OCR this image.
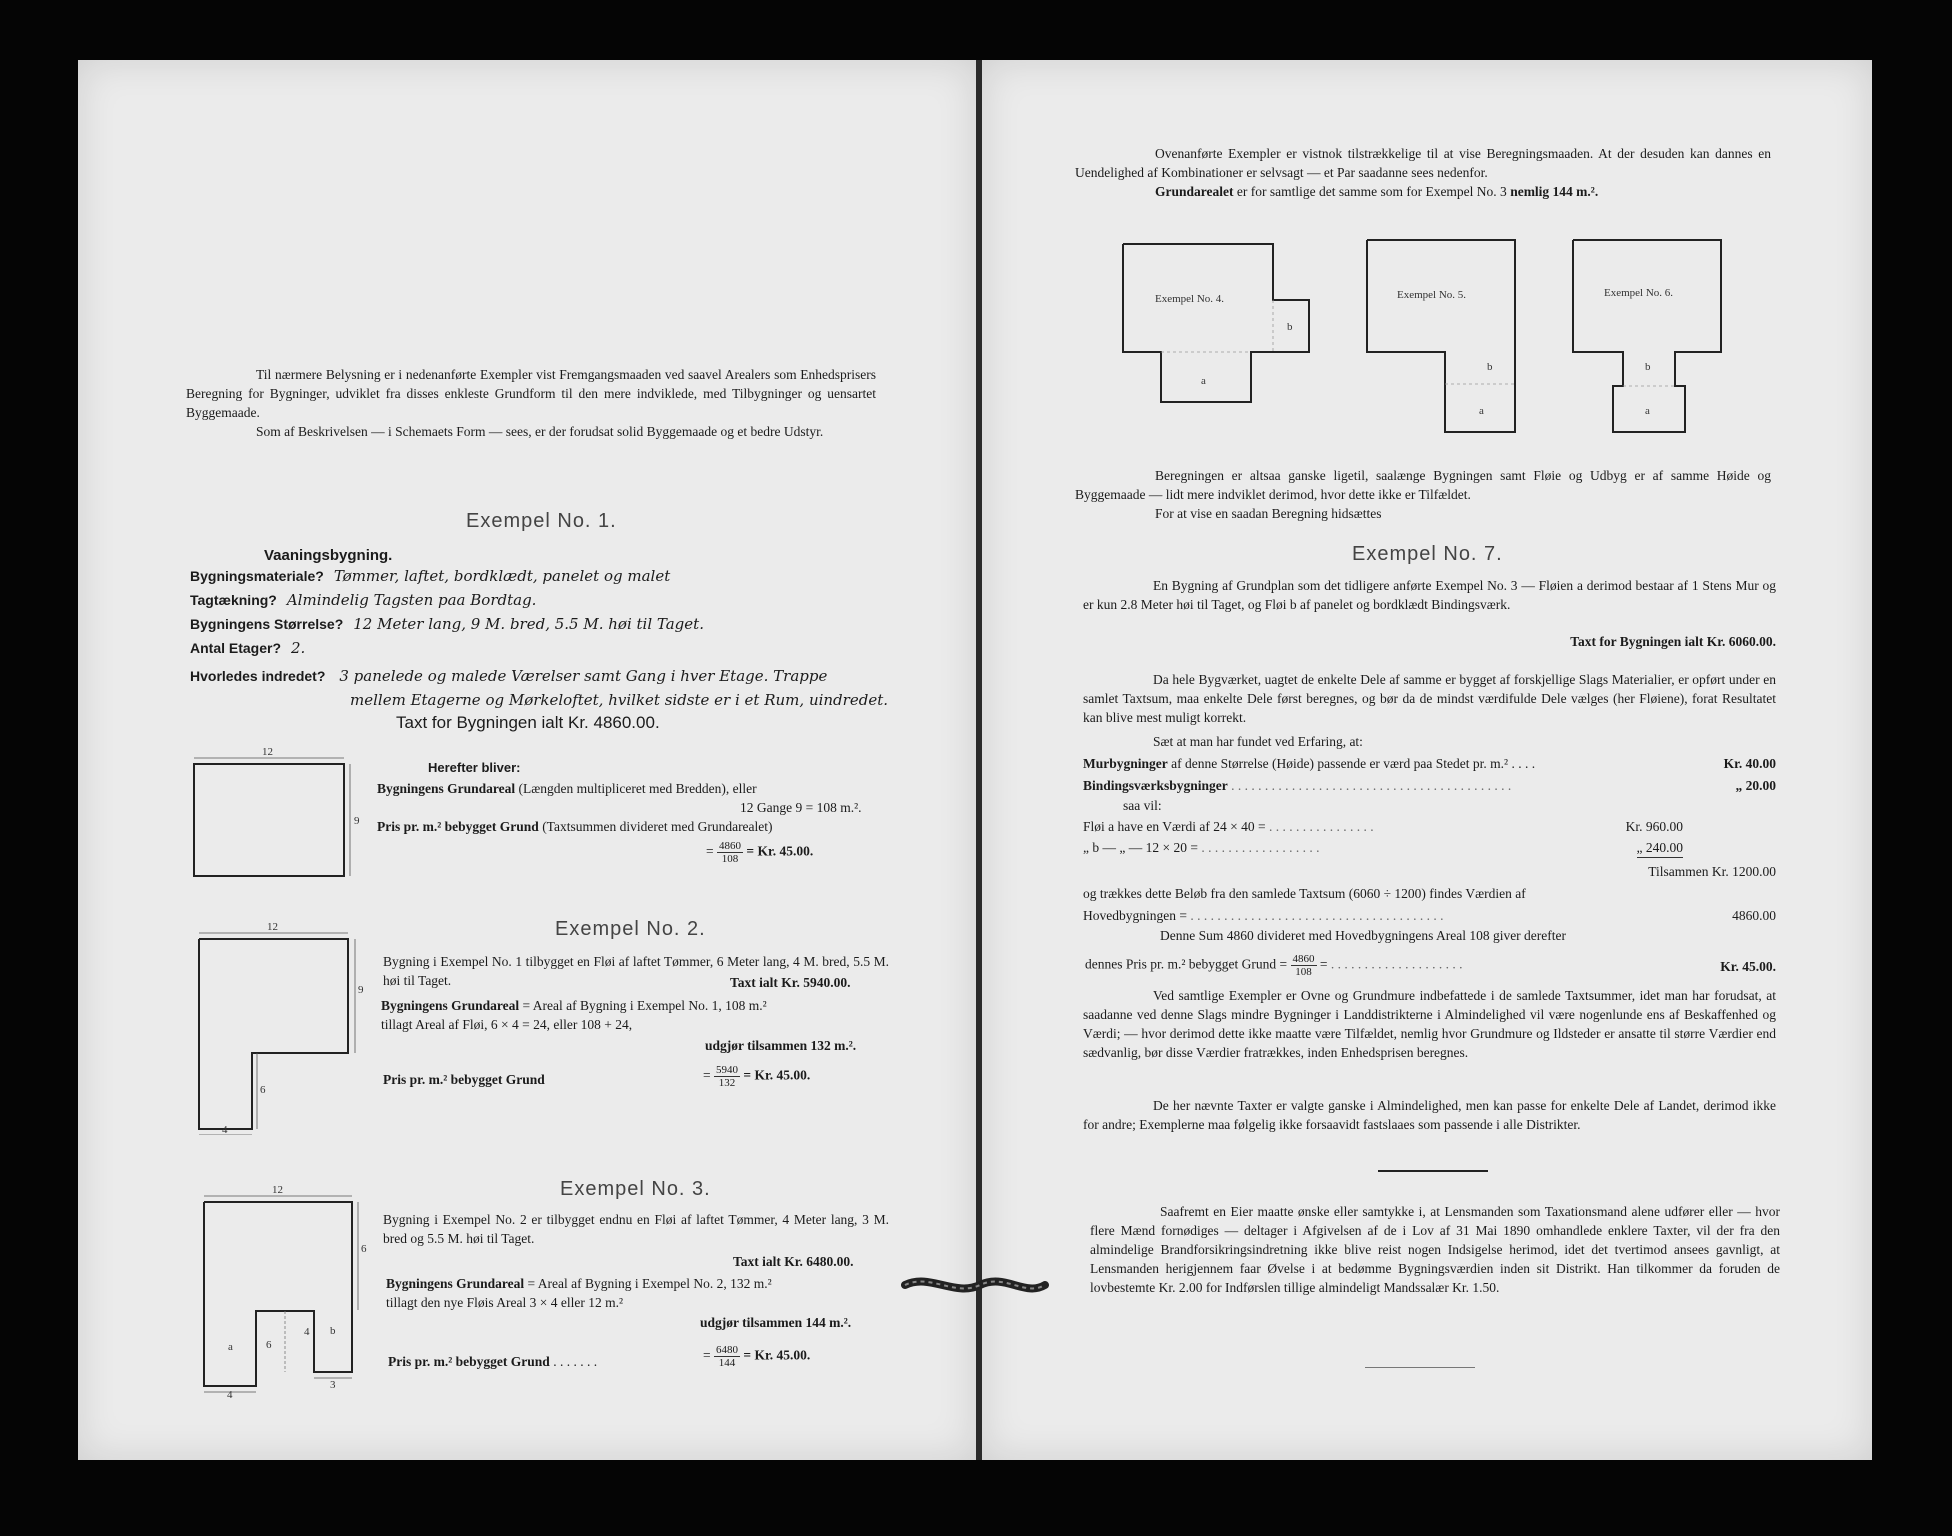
Til nærmere Belysning er i nedenanførte Exempler vist Fremgangsmaaden ved saavel Arealers som Enhedsprisers Beregning for Bygninger, udviklet fra disses enkleste Grundform til den mere indviklede, med Tilbygninger og uensartet Byggemaade.
Som af Beskrivelsen — i Schemaets Form — sees, er der forudsat solid Byggemaade og et bedre Udstyr.
Exempel No. 1.
Vaaningsbygning.
Bygningsmateriale? Tømmer, laftet, bordklædt, panelet og malet
Tagtækning? Almindelig Tagsten paa Bordtag.
Bygningens Størrelse? 12 Meter lang, 9 M. bred, 5.5 M. høi til Taget.
Antal Etager? 2.
Hvorledes indredet? 3 panelede og malede Værelser samt Gang i hver Etage. Trappe
mellem Etagerne og Mørkeloftet, hvilket sidste er i et Rum, uindredet.
Taxt for Bygningen ialt Kr. 4860.00.
12
9
Herefter bliver:
Bygningens Grundareal (Længden multipliceret med Bredden), eller
12 Gange 9 = 108 m.².
Pris pr. m.² bebygget Grund (Taxtsummen divideret med Grundarealet)
= $\frac{4860}{108} = Kr$. 45.00.
Exempel No. 2.
12
9
6
4
Bygning i Exempel No. 1 tilbygget en Fløi af laftet Tømmer, 6 Meter lang, 4 M. bred, 5.5 M. høi til Taget.	Taxt ialt Kr. 5940.00.
Bygningens Grundareal = Areal af Bygning i Exempel No. 1, 108 m.²
tillagt Areal af Fløi, 6 × 4 = 24, eller 108 + 24,
udgjør tilsammen 132 m.².
Pris pr. m.² bebygget Grund	= $\frac{5940}{132} = Kr$. 45.00.
Exempel No. 3.
12
6
a
b
6
4
3
4
Bygning i Exempel No. 2 er tilbygget endnu en Fløi af laftet Tømmer, 4 Meter lang, 3 M. bred og 5.5 M. høi til Taget.
Taxt ialt Kr. 6480.00.
Bygningens Grundareal = Areal af Bygning i Exempel No. 2, 132 m.²
tillagt den nye Fløis Areal 3 × 4 eller 12 m.²
udgjør tilsammen 144 m.².
Pris pr. m.² bebygget Grund . . . . . . .	= $\frac{6480}{144} = Kr$. 45.00.
Ovenanførte Exempler er vistnok tilstrækkelige til at vise Beregningsmaaden. At der desuden kan dannes en Uendelighed af Kombinationer er selvsagt — et Par saadanne sees nedenfor.
Grundarealet er for samtlige det samme som for Exempel No. 3 nemlig 144 m.².
Exempel No. 4.
b
a
Exempel No. 5.
b
a
Exempel No. 6.
b
a
Beregningen er altsaa ganske ligetil, saalænge Bygningen samt Fløie og Udbyg er af samme Høide og Byggemaade — lidt mere indviklet derimod, hvor dette ikke er Tilfældet.
For at vise en saadan Beregning hidsættes
Exempel No. 7.
En Bygning af Grundplan som det tidligere anførte Exempel No. 3 — Fløien a derimod bestaar af 1 Stens Mur og er kun 2.8 Meter høi til Taget, og Fløi b af panelet og bordklædt Bindingsværk.
Taxt for Bygningen ialt Kr. 6060.00.
Da hele Bygværket, uagtet de enkelte Dele af samme er bygget af forskjellige Slags Materialier, er opført under en samlet Taxtsum, maa enkelte Dele først beregnes, og bør da de mindst værdifulde Dele vælges (her Fløiene), forat Resultatet kan blive mest muligt korrekt.
Sæt at man har fundet ved Erfaring, at:
Murbygninger af denne Størrelse (Høide) passende er værd paa Stedet pr. m.² . . . .	Kr. 40.00
Bindingsværksbygninger . . . . . . . . . . . . . . . . . . . . . . . . . . . . . . . . . . . . . . . . . .	„ 20.00
saa vil:
Fløi a have en Værdi af 24 × 40 = . . . . . . . . . . . . . . . .	Kr. 960.00
„ b — „ — 12 × 20 = . . . . . . . . . . . . . . . . . .	„ 240.00
Tilsammen Kr. 1200.00
og trækkes dette Beløb fra den samlede Taxtsum (6060 ÷ 1200) findes Værdien af
Hovedbygningen = . . . . . . . . . . . . . . . . . . . . . . . . . . . . . . . . . . . . . .	4860.00
Denne Sum 4860 divideret med Hovedbygningens Areal 108 giver derefter
dennes Pris pr. m.² bebygget Grund = $\frac{4860}{108}$ = . . . . . . . . . . . . . . . . . . . .	Kr. 45.00.
Ved samtlige Exempler er Ovne og Grundmure indbefattede i de samlede Taxtsummer, idet man har forudsat, at saadanne ved denne Slags mindre Bygninger i Landdistrikterne i Almindelighed vil være nogenlunde ens af Beskaffenhed og Værdi; — hvor derimod dette ikke maatte være Tilfældet, nemlig hvor Grundmure og Ildsteder er ansatte til større Værdier end sædvanlig, bør disse Værdier fratrækkes, inden Enhedsprisen beregnes.
De her nævnte Taxter er valgte ganske i Almindelighed, men kan passe for enkelte Dele af Landet, derimod ikke for andre; Exemplerne maa følgelig ikke forsaavidt fastslaaes som passende i alle Distrikter.
Saafremt en Eier maatte ønske eller samtykke i, at Lensmanden som Taxationsmand alene udfører eller — hvor flere Mænd fornødiges — deltager i Afgivelsen af de i Lov af 31 Mai 1890 omhandlede enklere Taxter, vil der fra den almindelige Brandforsikringsindretning ikke blive reist nogen Indsigelse herimod, idet det tvertimod ansees gavnligt, at Lensmanden herigjennem faar Øvelse i at bedømme Bygningsværdien inden sit Distrikt. Han tilkommer da foruden de lovbestemte Kr. 2.00 for Indførslen tillige almindeligt Mandssalær Kr. 1.50.
